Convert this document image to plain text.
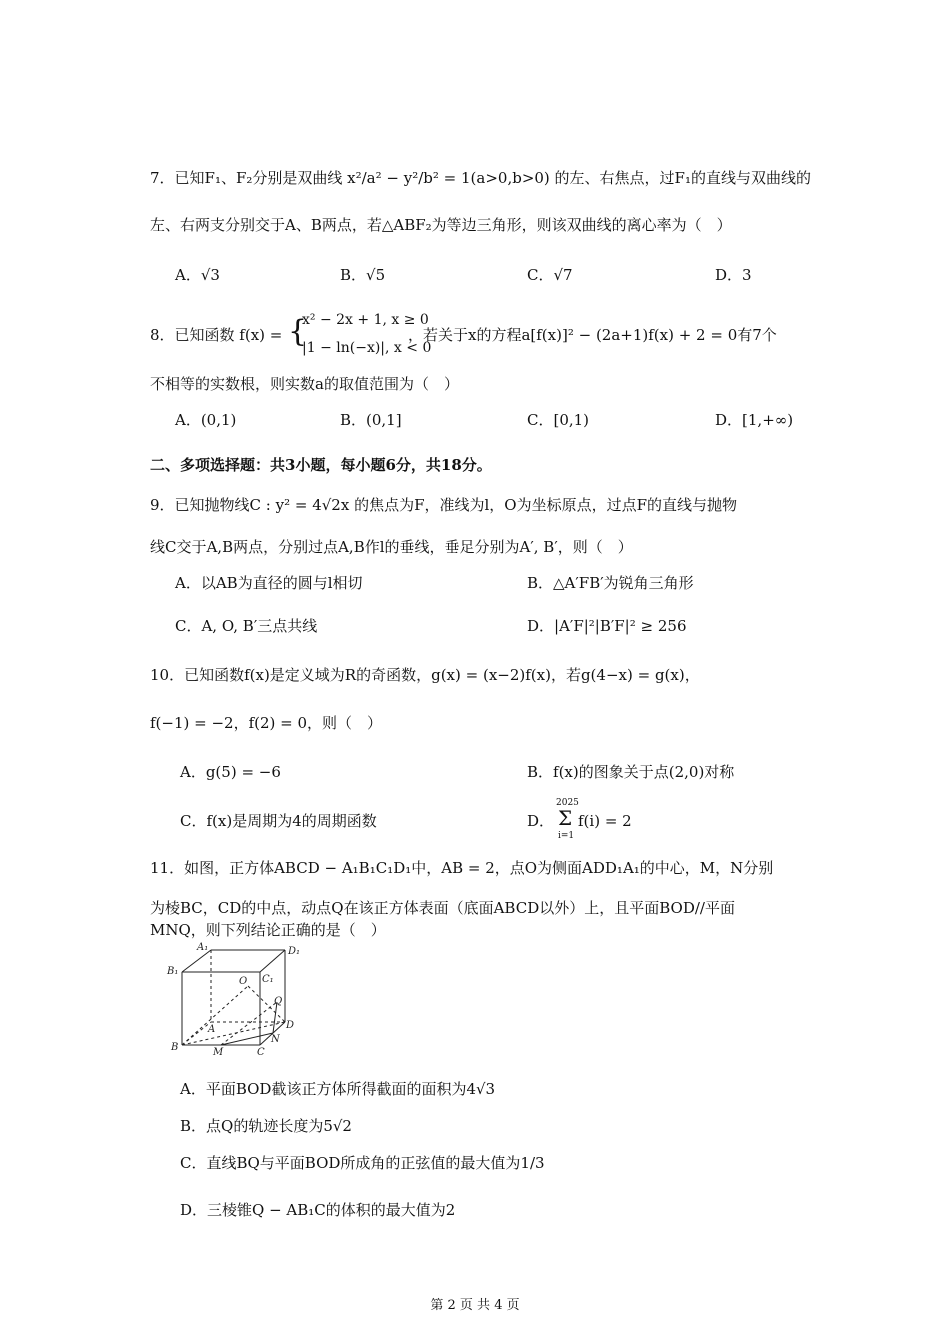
7．已知F₁、F₂分别是双曲线 x²/a² − y²/b² = 1(a>0,b>0) 的左、右焦点，过F₁的直线与双曲线的
左、右两支分别交于A、B两点，若△ABF₂为等边三角形，则该双曲线的离心率为（　）
A．√3	B．√5	C．√7	D．3
8．已知函数 f(x) = {
x² − 2x + 1, x ≥ 0
|1 − ln(−x)|, x < 0
，若关于x的方程a[f(x)]² − (2a+1)f(x) + 2 = 0有7个
不相等的实数根，则实数a的取值范围为（　）
A．(0,1)	B．(0,1]	C．[0,1)	D．[1,+∞)
二、多项选择题：共3小题，每小题6分，共18分。
9．已知抛物线C : y² = 4√2x 的焦点为F，准线为l，O为坐标原点，过点F的直线与抛物
线C交于A,B两点，分别过点A,B作l的垂线，垂足分别为A′, B′，则（　）
A．以AB为直径的圆与l相切	B．△A′FB′为锐角三角形
C．A, O, B′三点共线	D．|A′F|²|B′F|² ≥ 256
10．已知函数f(x)是定义域为R的奇函数，g(x) = (x−2)f(x)，若g(4−x) = g(x)，
f(−1) = −2，f(2) = 0，则（　）
A．g(5) = −6	B．f(x)的图象关于点(2,0)对称
C．f(x)是周期为4的周期函数	D．
2025
Σ
i=1
f(i) = 2
11．如图，正方体ABCD − A₁B₁C₁D₁中，AB = 2，点O为侧面ADD₁A₁的中心，M，N分别
为棱BC，CD的中点，动点Q在该正方体表面（底面ABCD以外）上，且平面BOD//平面
MNQ，则下列结论正确的是（　）
A₁	D₁
B₁
C₁
O
Q
A	D
B	M	C
N
A．平面BOD截该正方体所得截面的面积为4√3
B．点Q的轨迹长度为5√2
C．直线BQ与平面BOD所成角的正弦值的最大值为1/3
D．三棱锥Q − AB₁C的体积的最大值为2
第 2 页 共 4 页
